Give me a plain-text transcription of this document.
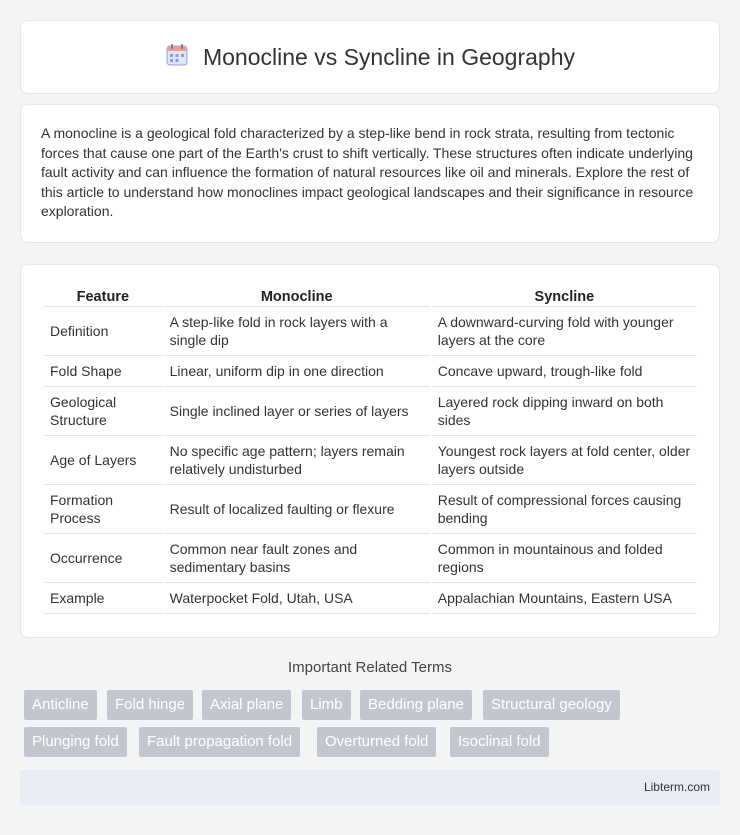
Monocline vs Syncline in Geography

A monocline is a geological fold characterized by a step-like bend in rock strata, resulting from tectonic forces that cause one part of the Earth's crust to shift vertically. These structures often indicate underlying fault activity and can influence the formation of natural resources like oil and minerals. Explore the rest of this article to understand how monoclines impact geological landscapes and their significance in resource exploration.

Feature	Monocline	Syncline
Definition	A step-like fold in rock layers with a single dip	A downward-curving fold with younger layers at the core
Fold Shape	Linear, uniform dip in one direction	Concave upward, trough-like fold
Geological Structure	Single inclined layer or series of layers	Layered rock dipping inward on both sides
Age of Layers	No specific age pattern; layers remain relatively undisturbed	Youngest rock layers at fold center, older layers outside
Formation Process	Result of localized faulting or flexure	Result of compressional forces causing bending
Occurrence	Common near fault zones and sedimentary basins	Common in mountainous and folded regions
Example	Waterpocket Fold, Utah, USA	Appalachian Mountains, Eastern USA
Important Related Terms
Anticline	Fold hinge	Axial plane	Limb	Bedding plane	Structural geology
Plunging fold	Fault propagation fold	Overturned fold	Isoclinal fold
Libterm.com
